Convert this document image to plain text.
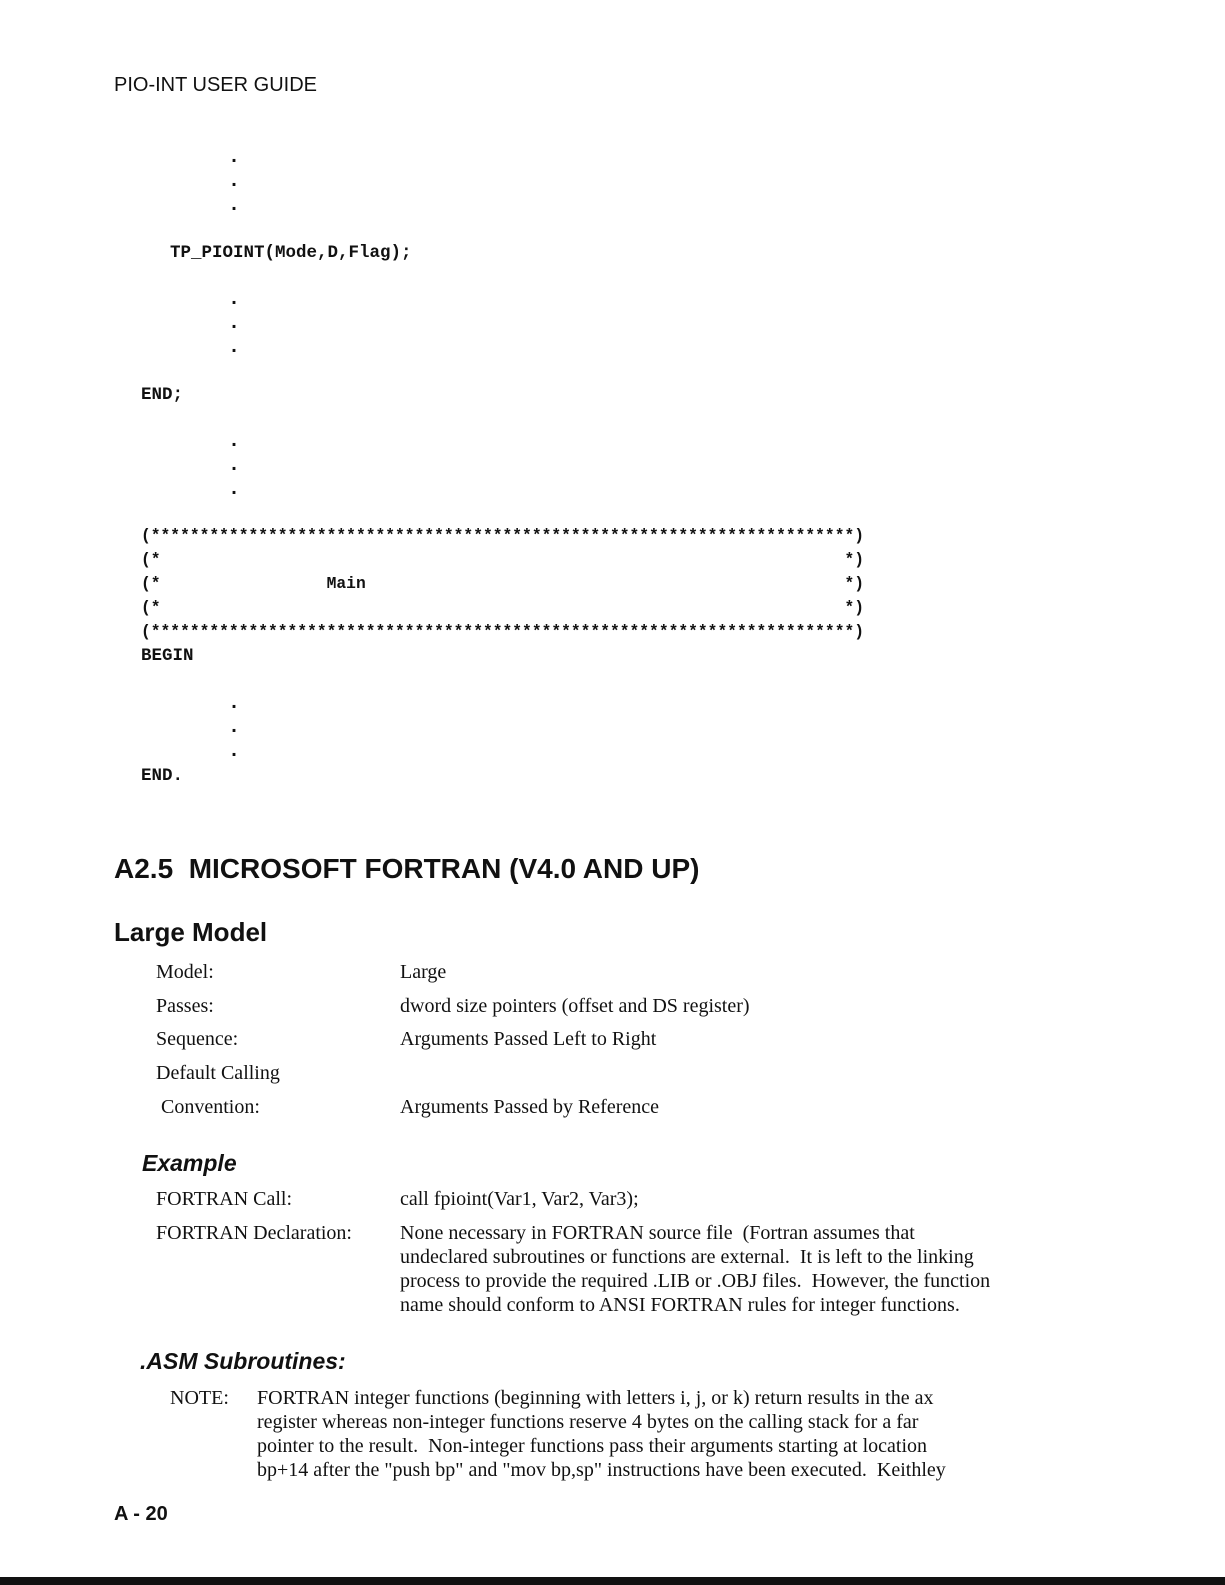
PIO-INT USER GUIDE
.
.
.
TP_PIOINT(Mode,D,Flag);
.
.
.
END;
.
.
.
(************************************************************************)
(*                                                                      *)
(*                 Main                                                 *)
(*                                                                      *)
(************************************************************************)
BEGIN
.
.
.
END.
A2.5  MICROSOFT FORTRAN (V4.0 AND UP)
Large Model
Model:	Large
Passes:	dword size pointers (offset and DS register)
Sequence:	Arguments Passed Left to Right
Default Calling
Convention:	Arguments Passed by Reference
Example
FORTRAN Call:	call fpioint(Var1, Var2, Var3);
FORTRAN Declaration: None necessary in FORTRAN source file  (Fortran assumes that
undeclared subroutines or functions are external.  It is left to the linking
process to provide the required .LIB or .OBJ files.  However, the function
name should conform to ANSI FORTRAN rules for integer functions.
.ASM Subroutines:
NOTE: FORTRAN integer functions (beginning with letters i, j, or k) return results in the ax
register whereas non-integer functions reserve 4 bytes on the calling stack for a far
pointer to the result.  Non-integer functions pass their arguments starting at location
bp+14 after the "push bp" and "mov bp,sp" instructions have been executed.  Keithley
A - 20
